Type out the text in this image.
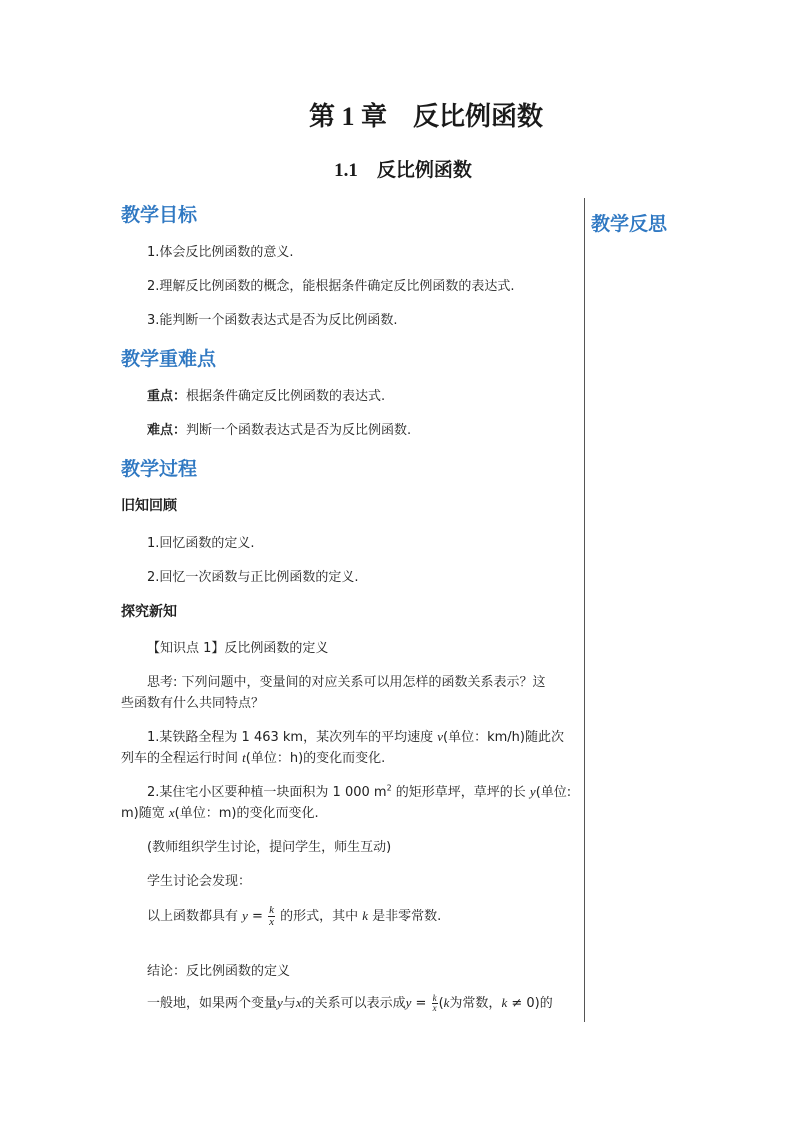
第 1 章　反比例函数
1.1　反比例函数
教学反思
教学目标
1.体会反比例函数的意义.
2.理解反比例函数的概念，能根据条件确定反比例函数的表达式.
3.能判断一个函数表达式是否为反比例函数.
教学重难点
重点：根据条件确定反比例函数的表达式.
难点：判断一个函数表达式是否为反比例函数.
教学过程
旧知回顾
1.回忆函数的定义.
2.回忆一次函数与正比例函数的定义.
探究新知
【知识点 1】反比例函数的定义
思考: 下列问题中，变量间的对应关系可以用怎样的函数关系表示？这
些函数有什么共同特点？
1.某铁路全程为 1 463 km，某次列车的平均速度 v(单位：km/h)随此次
列车的全程运行时间 t(单位：h)的变化而变化.
2.某住宅小区要种植一块面积为 1 000 $m^2$ 的矩形草坪，草坪的长 y(单位:
m)随宽 x(单位：m)的变化而变化.
(教师组织学生讨论，提问学生，师生互动)
学生讨论会发现：
以上函数都具有 $y = \frac{k}{x}$ 的形式，其中 k 是非零常数.
结论：反比例函数的定义
一般地，如果两个变量y与x的关系可以表示成$y = \frac{k}{x} (k$为常数，k ≠ 0)的
